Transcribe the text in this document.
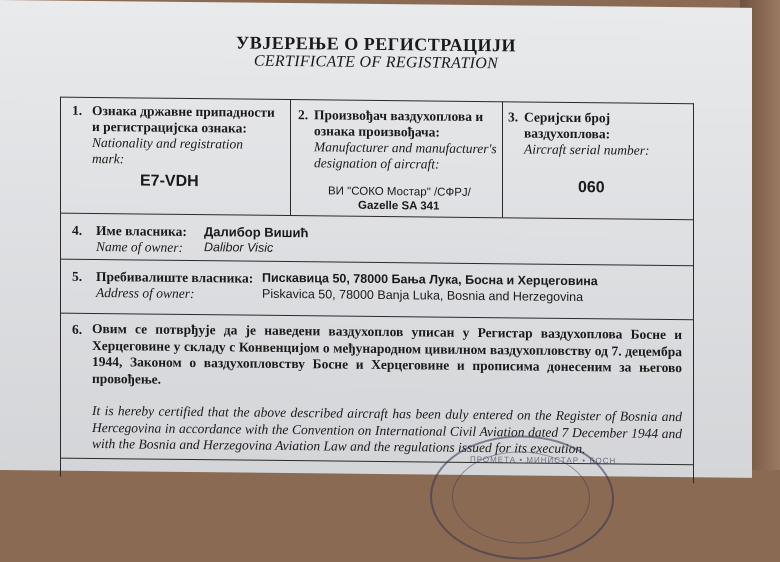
УВЈЕРЕЊЕ О РЕГИСТРАЦИЈИ
CERTIFICATE OF REGISTRATION
1. Ознака државне припадности
и регистрацијска ознака:
Nationality and registration
mark:
E7-VDH
2. Произвођач ваздухоплова и
ознака произвођача:
Manufacturer and manufacturer's
designation of aircraft:
ВИ "СОКО Мостар" /СФРЈ/
Gazelle SA 341
3. Серијски број
ваздухоплова:
Aircraft serial number:
060
4. Име власника:
Name of owner:
Далибор Вишић
Dalibor Visic
5. Пребивалиште власника:
Address of owner:
Пискавица 50, 78000 Бања Лука, Босна и Херцеговина
Piskavica 50, 78000 Banja Luka, Bosnia and Herzegovina
6. Овим се потврђује да је наведени ваздухоплов уписан у Регистар ваздухоплова Босне и Херцеговине у складу с Конвенцијом о међународном цивилном ваздухопловству од 7. децембра 1944, Законом о ваздухопловству Босне и Херцеговине и прописима донесеним за његово провођење.
It is hereby certified that the above described aircraft has been duly entered on the Register of Bosnia and Hercegovina in accordance with the Convention on International Civil Aviation dated 7 December 1944 and with the Bosnia and Herzegovina Aviation Law and the regulations issued for its execution.
ПРОМЕТА • МИНИСТАР • БОСН
